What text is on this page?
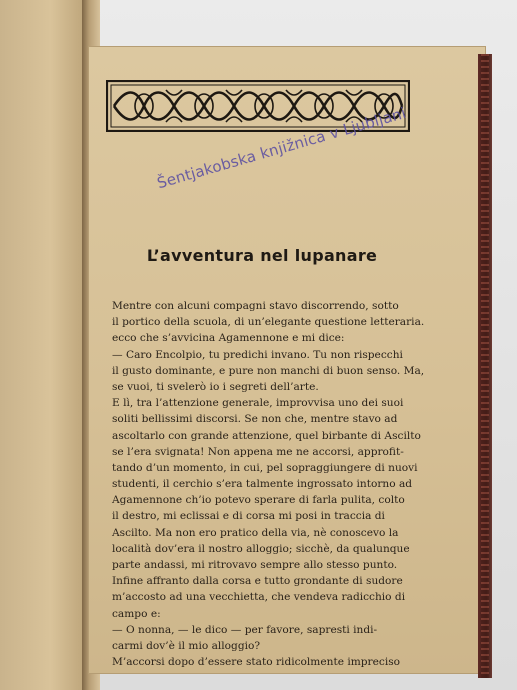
Šentjakobska knjižnica v Ljubljani
L’avventura nel lupanare
Mentre con alcuni compagni stavo discorrendo, sotto
il portico della scuola, di un’elegante questione letteraria.
ecco che s’avvicina Agamennone e mi dice:
— Caro Encolpio, tu predichi invano. Tu non rispecchi
il gusto dominante, e pure non manchi di buon senso. Ma,
se vuoi, ti svelerò io i segreti dell’arte.
E lì, tra l’attenzione generale, improvvisa uno dei suoi
soliti bellissimi discorsi. Se non che, mentre stavo ad
ascoltarlo con grande attenzione, quel birbante di Ascilto
se l’era svignata! Non appena me ne accorsi, approfit-
tando d’un momento, in cui, pel sopraggiungere di nuovi
studenti, il cerchio s’era talmente ingrossato intorno ad
Agamennone ch’io potevo sperare di farla pulita, colto
il destro, mi eclissai e di corsa mi posi in traccia di
Ascilto. Ma non ero pratico della via, nè conoscevo la
località dov’era il nostro alloggio; sicchè, da qualunque
parte andassi, mi ritrovavo sempre allo stesso punto.
Infine affranto dalla corsa e tutto grondante di sudore
m’accosto ad una vecchietta, che vendeva radicchio di
campo e:
— O nonna, — le dico — per favore, sapresti indi-
carmi dov’è il mio alloggio?
M’accorsi dopo d’essere stato ridicolmente impreciso
